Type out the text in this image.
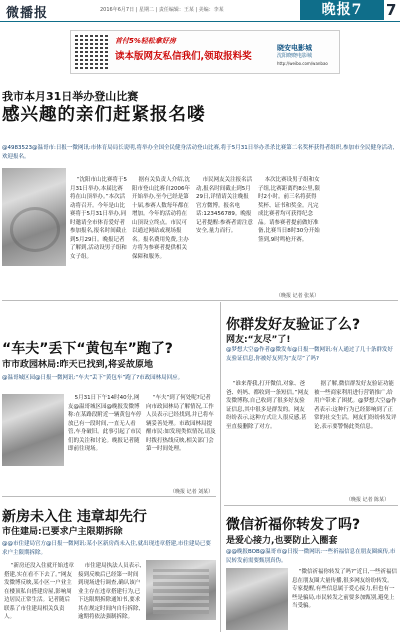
微播报	2016年6月7日 | 星期二 | 责任编辑：王某 | 美编：李某	晚报7	7
首付5%轻松拿好房
读本版网友私信我们,领取报料奖
晓安电影城
沈阳晓晓电影城
http://weibo.com/wanbao
我市本月31日举办登山比赛
感兴趣的亲们赶紧报名喽
@4983523@温哥市:日报一微网讯:市体育局局长说明,将举办全国全民健身活动登山比赛,将于5月31日举办杀杀比赛第二名奖杯获得者组织,参加市全民健身活动,欢迎报名。
“沈阳市山比赛将于5月31日举办,本届比赛将在山顶举办。”本次活动将召开。今年是山比赛将于5月31日举办,同时邀请全市体育爱好者参加报名,报名时间截止到5月29日。晚报记者了解到,活动设男子组和女子组。
据有关负责人介绍,沈阳市登山比赛自2006年开始举办,至今已经是第十届,参赛人数每年都在增加。今年的活动将在山顶设立终点。市民可以通过网站或现场报名。报名费用免费,主办方将为参赛者提供相关保障和服务。
市民网友关注报名活动,报名时间截止到5月29日,详情请关注晚报官方微博。报名电话:123456789。晚报记者提醒:参赛者需注意安全,量力而行。
本次比赛设男子组和女子组,比赛距离约8公里,限时2小时。前三名将获得奖杯、证书和奖金。凡完成比赛者均可获得纪念品。请参赛者提前做好准备,比赛当日8时30分开始签到,9时鸣枪开赛。
（晚报 记者 张某）
“车夫”丢下“黄包车”跑了?
市市政园林局:昨天已找到,将妥故原地
@温哥城区园@日报一微网讯:“车夫”丢下“黄包车”跑了?市政园林局回应。
5月31日下午14时40分,网友@温哥城区园@晚报发微博称:在某路段附近一辆黄包车停放已有一段时间,一直无人看管,车身破旧。此事引起了市民们的关注和讨论。晚报记者随即前往现场。
“车夫”到了何处呢?记者向市政园林局了解情况,工作人员表示已经找到,并已将车辆妥善处理。市政园林局提醒市民:如发现类似情况,请及时拨打热线反映,相关部门会第一时间处理。
（晚报 记者 刘某）
新房未入住 违章却先行
市住建局:已要求户主限期拆除
@@市住建局官方@日报一微网讯:某小区新房尚未入住,就出现违章搭建,市住建局已要求户主限期拆除。
“新房还没入住就开始违章搭建,实在看不下去了。”网友发微博反映,某小区一户业主在楼顶私自搭建房屋,影响周边居民正常生活。记者随后联系了市住建局相关负责人。
市住建局执法人员表示,接到反映后已经第一时间到现场进行调查,确认该户业主存在违章搭建行为,已下达限期拆除通知书,要求其在规定时间内自行拆除,逾期将依法强制拆除。
你群发好友验证了么?
网友:“友尽”了!
@梦想大空@作者@微发布@日报一微网讯:有人通过了几十条群发好友验证信息,你被好友列为“友尽”了吗?
“谁来帮我,打开微信,对象、爸爸、妈妈、都收到一条短信。”网友发微博称,自己收到了很多好友验证信息,其中很多是群发的。网友纷纷表示,这种方式让人很反感,甚至直接删除了对方。
据了解,微信群发好友验证功能被一些商家利用进行营销推广,给用户带来了困扰。@梦想大空@作者表示:这种行为已经影响到了正常的社交生活。网友们纷纷转发评论,表示要警惕此类信息。
（晚报 记者 陈某）
微信祈福你转发了吗?
是爱心接力,也要防止入圈套
@@晚报BOB@温哥市@日报一微网讯:一些祈福信息在朋友圈疯传,市民转发前需要甄别真伪。
“微信祈福你转发了吗?”近日,一些祈福信息在朋友圈大量传播,很多网友纷纷转发。专家提醒,有些信息属于爱心接力,但也有一些是骗局,市民转发之前要多加甄别,避免上当受骗。
